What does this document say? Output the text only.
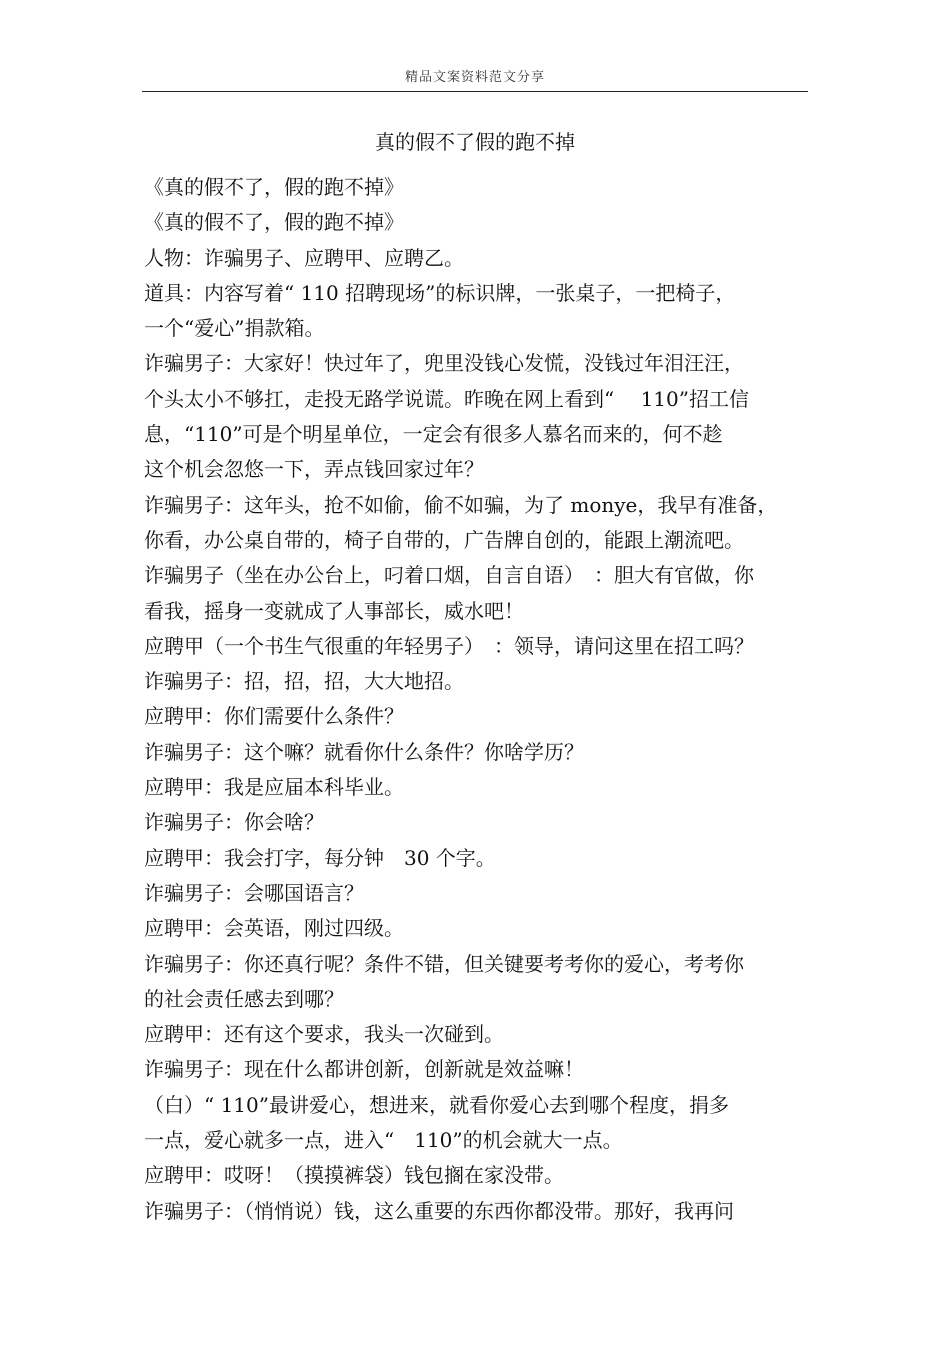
精品文案资料范文分享
真的假不了假的跑不掉
《真的假不了，假的跑不掉》
《真的假不了，假的跑不掉》
人物：诈骗男子、应聘甲、应聘乙。
道具：内容写着“ 110 招聘现场”的标识牌，一张桌子，一把椅子，
一个“爱心”捐款箱。
诈骗男子：大家好！快过年了，兜里没钱心发慌，没钱过年泪汪汪，
个头太小不够扛，走投无路学说谎。昨晚在网上看到“　 110”招工信
息，“110”可是个明星单位，一定会有很多人慕名而来的，何不趁
这个机会忽悠一下，弄点钱回家过年？
诈骗男子：这年头，抢不如偷，偷不如骗，为了 monye，我早有准备，
你看，办公桌自带的，椅子自带的，广告牌自创的，能跟上潮流吧。
诈骗男子（坐在办公台上，叼着口烟，自言自语）　：胆大有官做，你
看我，摇身一变就成了人事部长，威水吧！
应聘甲（一个书生气很重的年轻男子）　：领导，请问这里在招工吗？
诈骗男子：招，招，招，大大地招。
应聘甲：你们需要什么条件？
诈骗男子：这个嘛？就看你什么条件？你啥学历？
应聘甲：我是应届本科毕业。
诈骗男子：你会啥？
应聘甲：我会打字，每分钟　30 个字。
诈骗男子：会哪国语言？
应聘甲：会英语，刚过四级。
诈骗男子：你还真行呢？条件不错，但关键要考考你的爱心，考考你
的社会责任感去到哪？
应聘甲：还有这个要求，我头一次碰到。
诈骗男子：现在什么都讲创新，创新就是效益嘛！
（白）“ 110”最讲爱心，想进来，就看你爱心去到哪个程度，捐多
一点，爱心就多一点，进入“　110”的机会就大一点。
应聘甲：哎呀！（摸摸裤袋）钱包搁在家没带。
诈骗男子：（悄悄说）钱，这么重要的东西你都没带。那好，我再问
